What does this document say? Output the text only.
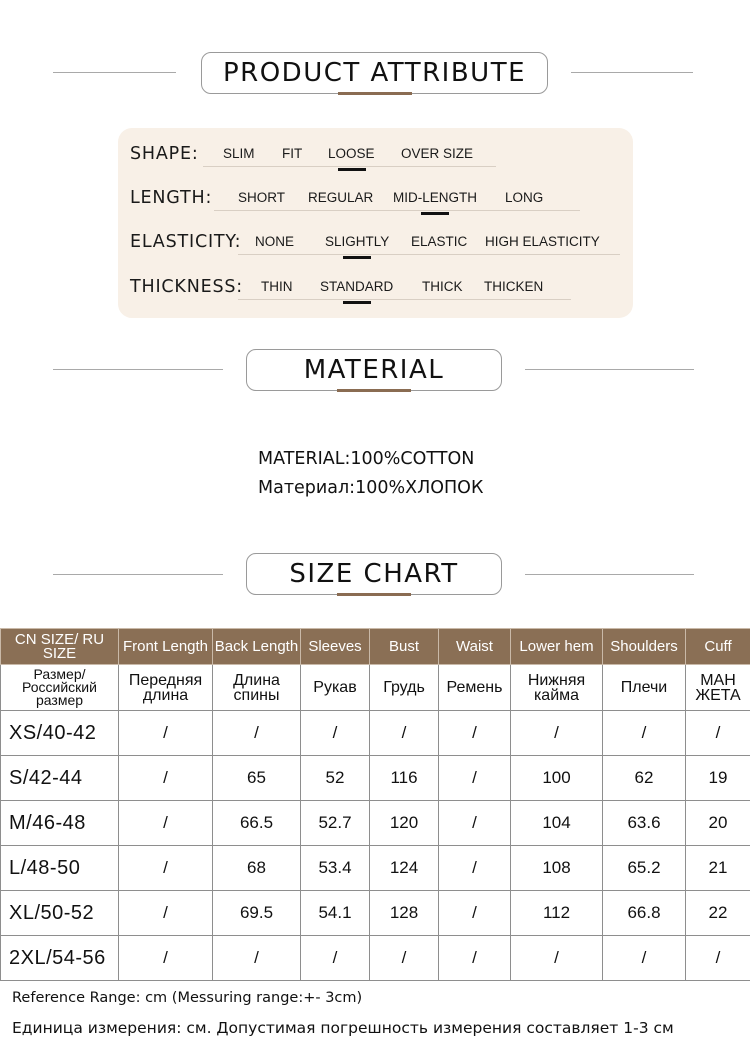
PRODUCT ATTRIBUTE
SHAPE: SLIM FIT LOOSE OVER SIZE
LENGTH: SHORT REGULAR MID-LENGTH LONG
ELASTICITY: NONE SLIGHTLY ELASTIC HIGH ELASTICITY
THICKNESS: THIN STANDARD THICK THICKEN
MATERIAL
MATERIAL:100%COTTON
Материал:100%ХЛОПОК
SIZE CHART
CN SIZE/ RU SIZE	Front Length	Back Length	Sleeves	Bust	Waist	Lower hem	Shoulders	Cuff
Размер/ Российский размер	Передняя длина	Длина спины	Рукав	Грудь	Ремень	Нижняя кайма	Плечи	МАН ЖЕТА
XS/40-42	/	/	/	/	/	/	/	/
S/42-44	/	65	52	116	/	100	62	19
M/46-48	/	66.5	52.7	120	/	104	63.6	20
L/48-50	/	68	53.4	124	/	108	65.2	21
XL/50-52	/	69.5	54.1	128	/	112	66.8	22
2XL/54-56	/	/	/	/	/	/	/	/
Reference Range: cm (Messuring range:+- 3cm)
Единица измерения: см. Допустимая погрешность измерения составляет 1-3 см
